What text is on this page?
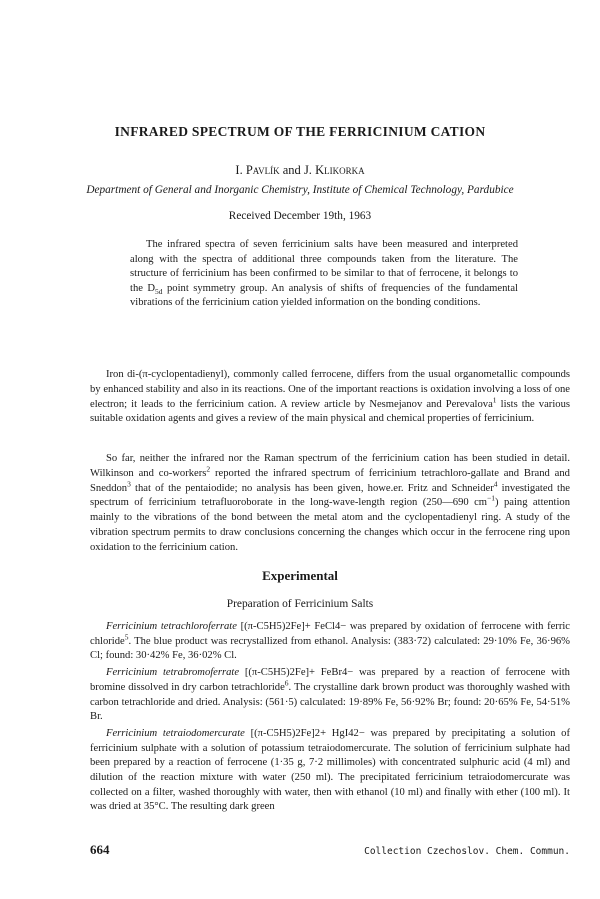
INFRARED SPECTRUM OF THE FERRICINIUM CATION
I. Pavlík and J. Klikorka
Department of General and Inorganic Chemistry, Institute of Chemical Technology, Pardubice
Received December 19th, 1963
The infrared spectra of seven ferricinium salts have been measured and interpreted along with the spectra of additional three compounds taken from the literature. The structure of ferricinium has been confirmed to be similar to that of ferrocene, it belongs to the $D_{5d}$ point symmetry group. An analysis of shifts of frequencies of the fundamental vibrations of the ferricinium cation yielded information on the bonding conditions.

Iron di-(π-cyclopentadienyl), commonly called ferrocene, differs from the usual organometallic compounds by enhanced stability and also in its reactions. One of the important reactions is oxidation involving a loss of one electron; it leads to the ferricinium cation. A review article by Nesmejanov and Perevalova$^1$ lists the various suitable oxidation agents and gives a review of the main physical and chemical properties of ferricinium.

So far, neither the infrared nor the Raman spectrum of the ferricinium cation has been studied in detail. Wilkinson and co-workers$^2$ reported the infrared spectrum of ferricinium tetrachloro-gallate and Brand and Sneddon$^3$ that of the pentaiodide; no analysis has been given, howe.er. Fritz and Schneider$^4$ investigated the spectrum of ferricinium tetrafluoroborate in the long-wave-length region (250—690 $cm^{-1}$) paing attention mainly to the vibrations of the bond between the metal atom and the cyclopentadienyl ring. A study of the vibration spectrum permits to draw conclusions concerning the changes which occur in the ferrocene ring upon oxidation to the ferricinium cation.

Experimental
Preparation of Ferricinium Salts

Ferricinium tetrachloroferrate [(π-C5H5)2Fe]+ FeCl4− was prepared by oxidation of ferrocene with ferric chloride$^5$. The blue product was recrystallized from ethanol. Analysis: (383·72) calculated: 29·10% Fe, 36·96% Cl; found: 30·42% Fe, 36·02% Cl.

Ferricinium tetrabromoferrate [(π-C5H5)2Fe]+ FeBr4− was prepared by a reaction of ferrocene with bromine dissolved in dry carbon tetrachloride$^6$. The crystalline dark brown product was thoroughly washed with carbon tetrachloride and dried. Analysis: (561·5) calculated: 19·89% Fe, 56·92% Br; found: 20·65% Fe, 54·51% Br.

Ferricinium tetraiodomercurate [(π-C5H5)2Fe]2+ HgI42− was prepared by precipitating a solution of ferricinium sulphate with a solution of potassium tetraiodomercurate. The solution of ferricinium sulphate had been prepared by a reaction of ferrocene (1·35 g, 7·2 millimoles) with concentrated sulphuric acid (4 ml) and dilution of the reaction mixture with water (250 ml). The precipitated ferricinium tetraiodomercurate was collected on a filter, washed thoroughly with water, then with ethanol (10 ml) and finally with ether (100 ml). It was dried at 35°C. The resulting dark green

664	Collection Czechoslov. Chem. Commun.
